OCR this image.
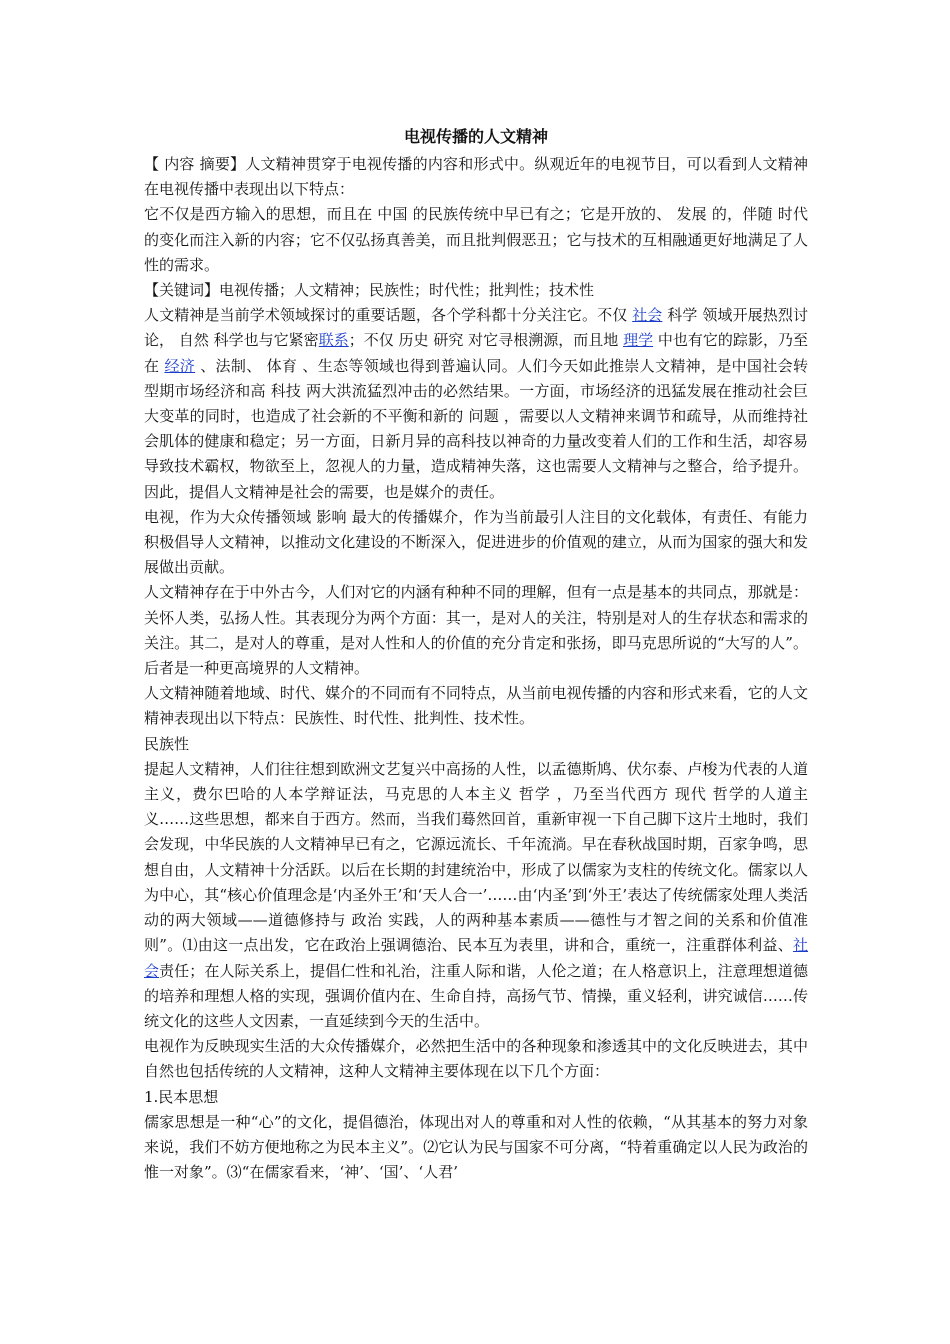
电视传播的人文精神

【 内容 摘要】人文精神贯穿于电视传播的内容和形式中。纵观近年的电视节目，可以看到人文精神在电视传播中表现出以下特点：

它不仅是西方输入的思想，而且在 中国 的民族传统中早已有之；它是开放的、 发展 的，伴随 时代 的变化而注入新的内容；它不仅弘扬真善美，而且批判假恶丑；它与技术的互相融通更好地满足了人性的需求。

【关键词】电视传播；人文精神；民族性；时代性；批判性；技术性

人文精神是当前学术领域探讨的重要话题，各个学科都十分关注它。不仅 社会 科学 领域开展热烈讨论， 自然 科学也与它紧密联系；不仅 历史 研究 对它寻根溯源，而且地 理学 中也有它的踪影，乃至在 经济 、法制、 体育 、生态等领域也得到普遍认同。人们今天如此推崇人文精神，是中国社会转型期市场经济和高 科技 两大洪流猛烈冲击的必然结果。一方面，市场经济的迅猛发展在推动社会巨大变革的同时，也造成了社会新的不平衡和新的 问题 ，需要以人文精神来调节和疏导，从而维持社会肌体的健康和稳定；另一方面，日新月异的高科技以神奇的力量改变着人们的工作和生活，却容易导致技术霸权，物欲至上，忽视人的力量，造成精神失落，这也需要人文精神与之整合，给予提升。因此，提倡人文精神是社会的需要，也是媒介的责任。

电视，作为大众传播领域 影响 最大的传播媒介，作为当前最引人注目的文化载体，有责任、有能力积极倡导人文精神，以推动文化建设的不断深入，促进进步的价值观的建立，从而为国家的强大和发展做出贡献。

人文精神存在于中外古今，人们对它的内涵有种种不同的理解，但有一点是基本的共同点，那就是：关怀人类，弘扬人性。其表现分为两个方面：其一，是对人的关注，特别是对人的生存状态和需求的关注。其二，是对人的尊重，是对人性和人的价值的充分肯定和张扬，即马克思所说的“大写的人”。后者是一种更高境界的人文精神。

人文精神随着地域、时代、媒介的不同而有不同特点，从当前电视传播的内容和形式来看，它的人文精神表现出以下特点：民族性、时代性、批判性、技术性。

民族性

提起人文精神，人们往往想到欧洲文艺复兴中高扬的人性，以孟德斯鸠、伏尔泰、卢梭为代表的人道主义，费尔巴哈的人本学辩证法，马克思的人本主义 哲学 ，乃至当代西方 现代 哲学的人道主义……这些思想，都来自于西方。然而，当我们蓦然回首，重新审视一下自己脚下这片土地时，我们会发现，中华民族的人文精神早已有之，它源远流长、千年流淌。早在春秋战国时期，百家争鸣，思想自由，人文精神十分活跃。以后在长期的封建统治中，形成了以儒家为支柱的传统文化。儒家以人为中心，其“核心价值理念是‘内圣外王’和‘天人合一’……由‘内圣’到‘外王’表达了传统儒家处理人类活动的两大领域——道德修持与 政治 实践，人的两种基本素质——德性与才智之间的关系和价值准则”。⑴由这一点出发，它在政治上强调德治、民本互为表里，讲和合，重统一，注重群体利益、社会责任；在人际关系上，提倡仁性和礼治，注重人际和谐，人伦之道；在人格意识上，注意理想道德的培养和理想人格的实现，强调价值内在、生命自持，高扬气节、情操，重义轻利，讲究诚信……传统文化的这些人文因素，一直延续到今天的生活中。

电视作为反映现实生活的大众传播媒介，必然把生活中的各种现象和渗透其中的文化反映进去，其中自然也包括传统的人文精神，这种人文精神主要体现在以下几个方面：

1.民本思想

儒家思想是一种“心”的文化，提倡德治，体现出对人的尊重和对人性的依赖，“从其基本的努力对象来说，我们不妨方便地称之为民本主义”。⑵它认为民与国家不可分离，“特着重确定以人民为政治的惟一对象”。⑶“在儒家看来，‘神’、‘国’、‘人君’
